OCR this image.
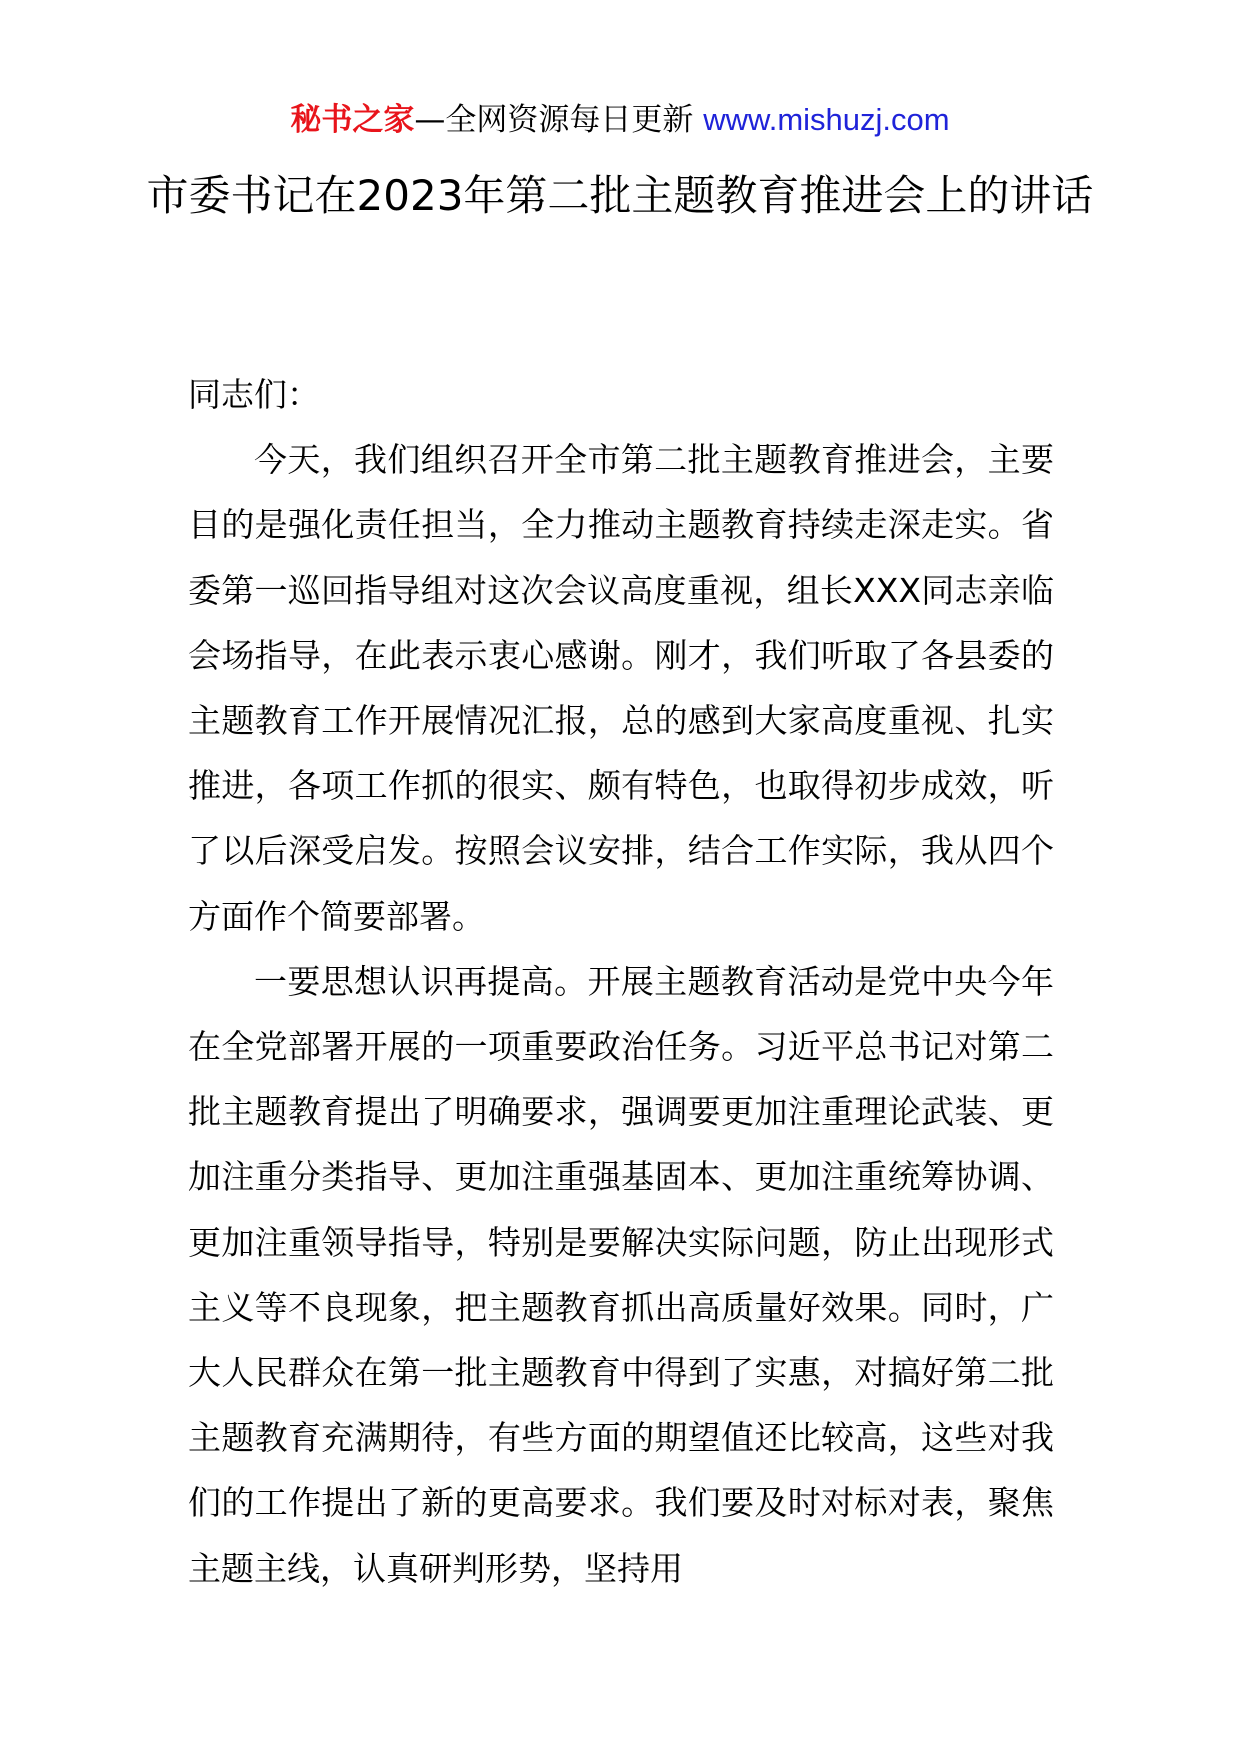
秘书之家—全网资源每日更新 www.mishuzj.com
市委书记在2023年第二批主题教育推进会上的讲话

同志们：

今天，我们组织召开全市第二批主题教育推进会，主要目的是强化责任担当，全力推动主题教育持续走深走实。省委第一巡回指导组对这次会议高度重视，组长XXX同志亲临会场指导，在此表示衷心感谢。刚才，我们听取了各县委的主题教育工作开展情况汇报，总的感到大家高度重视、扎实推进，各项工作抓的很实、颇有特色，也取得初步成效，听了以后深受启发。按照会议安排，结合工作实际，我从四个方面作个简要部署。

一要思想认识再提高。开展主题教育活动是党中央今年在全党部署开展的一项重要政治任务。习近平总书记对第二批主题教育提出了明确要求，强调要更加注重理论武装、更加注重分类指导、更加注重强基固本、更加注重统筹协调、更加注重领导指导，特别是要解决实际问题，防止出现形式主义等不良现象，把主题教育抓出高质量好效果。同时，广大人民群众在第一批主题教育中得到了实惠，对搞好第二批主题教育充满期待，有些方面的期望值还比较高，这些对我们的工作提出了新的更高要求。我们要及时对标对表，聚焦主题主线，认真研判形势，坚持用
